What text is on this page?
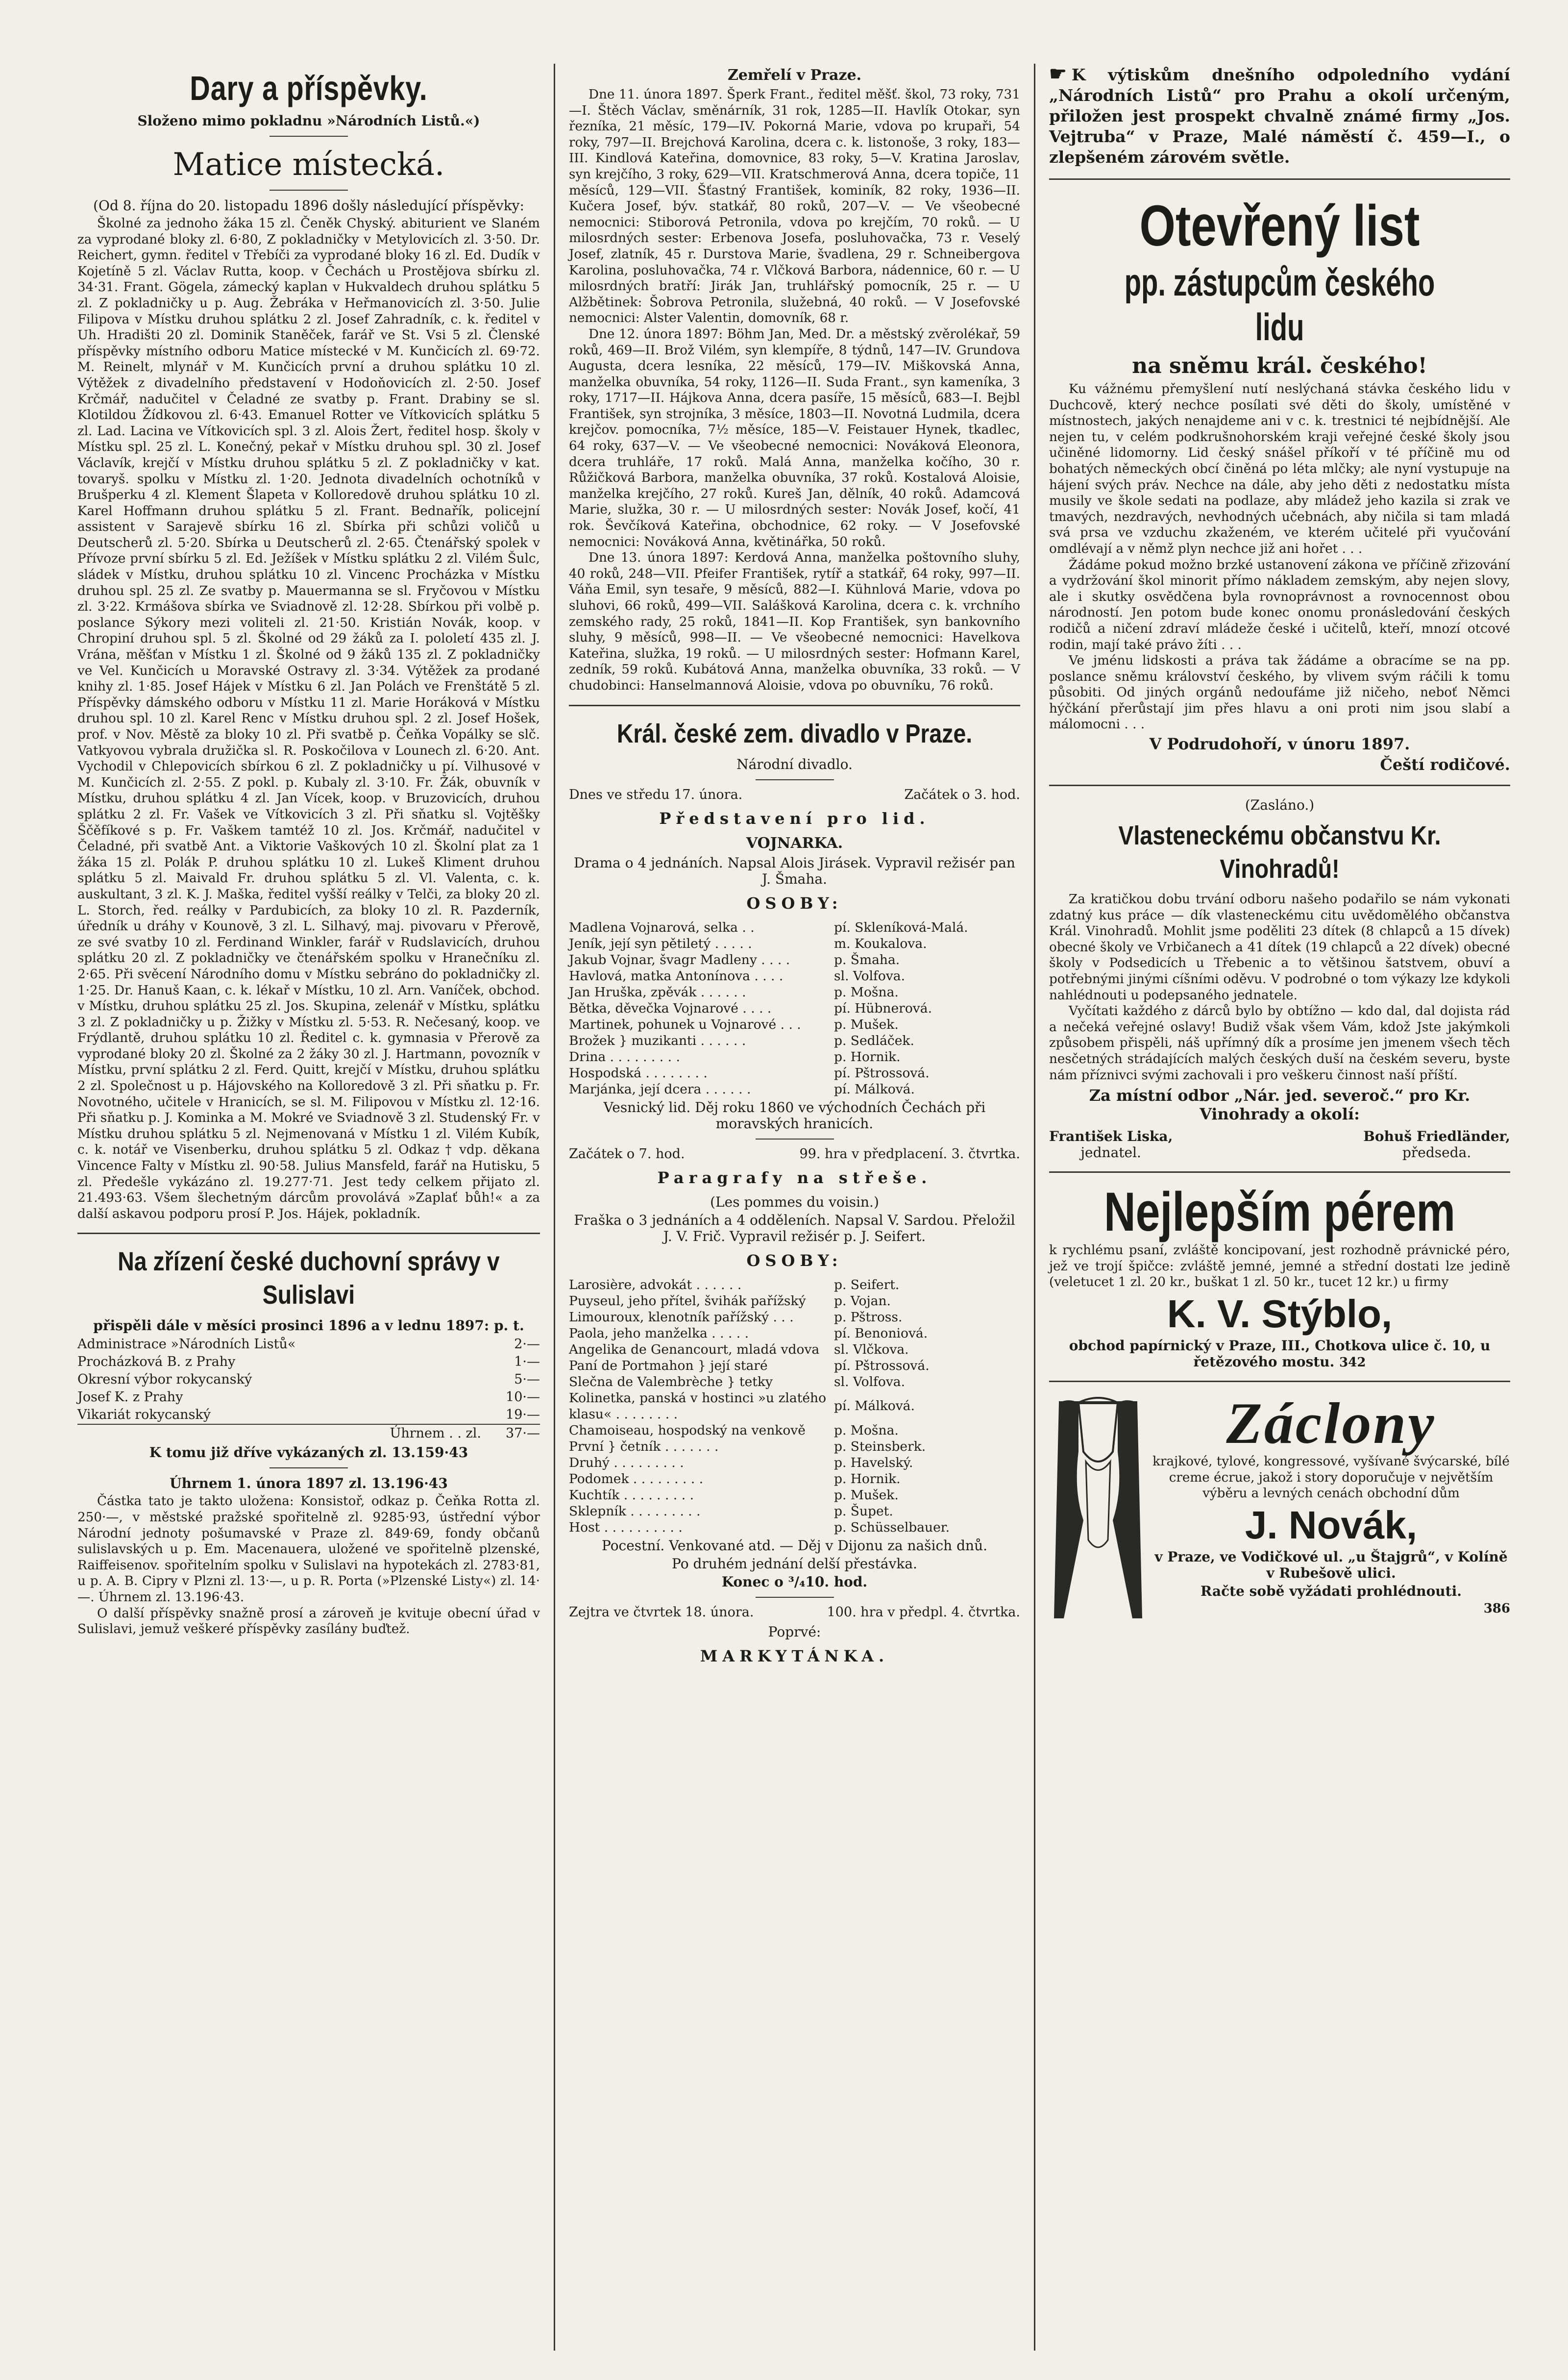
Dary a příspěvky.
Složeno mimo pokladnu »Národních Listů.«)
Matice místecká.
(Od 8. října do 20. listopadu 1896 došly následující příspěvky:

Školné za jednoho žáka 15 zl. Čeněk Chyský. abiturient ve Slaném za vyprodané bloky zl. 6·80, Z pokladničky v Metylovicích zl. 3·50. Dr. Reichert, gymn. ředitel v Třebíči za vyprodané bloky 16 zl. Ed. Dudík v Kojetíně 5 zl. Václav Rutta, koop. v Čechách u Prostějova sbírku zl. 34·31. Frant. Gögela, zámecký kaplan v Hukvaldech druhou splátku 5 zl. Z pokladničky u p. Aug. Žebráka v Heřmanovicích zl. 3·50. Julie Filipova v Místku druhou splátku 2 zl. Josef Zahradník, c. k. ředitel v Uh. Hradišti 20 zl. Dominik Staněček, farář ve St. Vsi 5 zl. Členské příspěvky místního odboru Matice místecké v M. Kunčicích zl. 69·72. M. Reinelt, mlynář v M. Kunčicích první a druhou splátku 10 zl. Výtěžek z divadelního představení v Hodoňovicích zl. 2·50. Josef Krčmář, nadučitel v Čeladné ze svatby p. Frant. Drabiny se sl. Klotildou Žídkovou zl. 6·43. Emanuel Rotter ve Vítkovicích splátku 5 zl. Lad. Lacina ve Vítkovicích spl. 3 zl. Alois Žert, ředitel hosp. školy v Místku spl. 25 zl. L. Konečný, pekař v Místku druhou spl. 30 zl. Josef Václavík, krejčí v Místku druhou splátku 5 zl. Z pokladničky v kat. tovaryš. spolku v Místku zl. 1·20. Jednota divadelních ochotníků v Brušperku 4 zl. Klement Šlapeta v Kolloredově druhou splátku 10 zl. Karel Hoffmann druhou splátku 5 zl. Frant. Bednařík, policejní assistent v Sarajevě sbírku 16 zl. Sbírka při schůzi voličů u Deutscherů zl. 5·20. Sbírka u Deutscherů zl. 2·65. Čtenářský spolek v Přívoze první sbírku 5 zl. Ed. Ježíšek v Místku splátku 2 zl. Vilém Šulc, sládek v Místku, druhou splátku 10 zl. Vincenc Procházka v Místku druhou spl. 25 zl. Ze svatby p. Mauermanna se sl. Fryčovou v Místku zl. 3·22. Krmášova sbírka ve Sviadnově zl. 12·28. Sbírkou při volbě p. poslance Sýkory mezi voliteli zl. 21·50. Kristián Novák, koop. v Chropiní druhou spl. 5 zl. Školné od 29 žáků za I. pololetí 435 zl. J. Vrána, měšťan v Místku 1 zl. Školné od 9 žáků 135 zl. Z pokladničky ve Vel. Kunčicích u Moravské Ostravy zl. 3·34. Výtěžek za prodané knihy zl. 1·85. Josef Hájek v Místku 6 zl. Jan Polách ve Frenštátě 5 zl. Příspěvky dámského odboru v Místku 11 zl. Marie Horáková v Místku druhou spl. 10 zl. Karel Renc v Místku druhou spl. 2 zl. Josef Hošek, prof. v Nov. Městě za bloky 10 zl. Při svatbě p. Čeňka Vopálky se slč. Vatkyovou vybrala družička sl. R. Poskočilova v Lounech zl. 6·20. Ant. Vychodil v Chlepovicích sbírkou 6 zl. Z pokladničky u pí. Vilhusové v M. Kunčicích zl. 2·55. Z pokl. p. Kubaly zl. 3·10. Fr. Žák, obuvník v Místku, druhou splátku 4 zl. Jan Vícek, koop. v Bruzovicích, druhou splátku 2 zl. Fr. Vašek ve Vítkovicích 3 zl. Při sňatku sl. Vojtěšky Ščěfíkové s p. Fr. Vaškem tamtéž 10 zl. Jos. Krčmář, nadučitel v Čeladné, při svatbě Ant. a Viktorie Vaškových 10 zl. Školní plat za 1 žáka 15 zl. Polák P. druhou splátku 10 zl. Lukeš Kliment druhou splátku 5 zl. Maivald Fr. druhou splátku 5 zl. Vl. Valenta, c. k. auskultant, 3 zl. K. J. Maška, ředitel vyšší reálky v Telči, za bloky 20 zl. L. Storch, řed. reálky v Pardubicích, za bloky 10 zl. R. Pazderník, úředník u dráhy v Kounově, 3 zl. L. Silhavý, maj. pivovaru v Přerově, ze své svatby 10 zl. Ferdinand Winkler, farář v Rudslavicích, druhou splátku 20 zl. Z pokladničky ve čtenářském spolku v Hranečníku zl. 2·65. Při svěcení Národního domu v Místku sebráno do pokladničky zl. 1·25. Dr. Hanuš Kaan, c. k. lékař v Místku, 10 zl. Arn. Vaníček, obchod. v Místku, druhou splátku 25 zl. Jos. Skupina, zelenář v Místku, splátku 3 zl. Z pokladničky u p. Žižky v Místku zl. 5·53. R. Nečesaný, koop. ve Frýdlantě, druhou splátku 10 zl. Ředitel c. k. gymnasia v Přerově za vyprodané bloky 20 zl. Školné za 2 žáky 30 zl. J. Hartmann, povozník v Místku, první splátku 2 zl. Ferd. Quitt, krejčí v Místku, druhou splátku 2 zl. Společnost u p. Hájovského na Kolloredově 3 zl. Při sňatku p. Fr. Novotného, učitele v Hranicích, se sl. M. Filipovou v Místku zl. 12·16. Při sňatku p. J. Kominka a M. Mokré ve Sviadnově 3 zl. Studenský Fr. v Místku druhou splátku 5 zl. Nejmenovaná v Místku 1 zl. Vilém Kubík, c. k. notář ve Visenberku, druhou splátku 5 zl. Odkaz † vdp. děkana Vincence Falty v Místku zl. 90·58. Julius Mansfeld, farář na Hutisku, 5 zl. Předešle vykázáno zl. 19.277·71. Jest tedy celkem přijato zl. 21.493·63. Všem šlechetným dárcům provolává »Zaplať bůh!« a za další askavou podporu prosí P. Jos. Hájek, pokladník.

Na zřízení české duchovní správy v Sulislavi
přispěli dále v měsíci prosinci 1896 a v lednu 1897: p. t.
Administrace »Národních Listů«	2·—
Procházková B. z Prahy	1·—
Okresní výbor rokycanský	5·—
Josef K. z Prahy	10·—
Vikariát rokycanský	19·—
Úhrnem . . zl.	37·—
K tomu již dříve vykázaných zl. 13.159·43
Úhrnem 1. února 1897 zl. 13.196·43

Částka tato je takto uložena: Konsistoř, odkaz p. Čeňka Rotta zl. 250·—, v městské pražské spořitelně zl. 9285·93, ústřední výbor Národní jednoty pošumavské v Praze zl. 849·69, fondy občanů sulislavských u p. Em. Macenauera, uložené ve spořitelně plzenské, Raiffeisenov. spořitelním spolku v Sulislavi na hypotekách zl. 2783·81, u p. A. B. Cipry v Plzni zl. 13·—, u p. R. Porta (»Plzenské Listy«) zl. 14·—. Úhrnem zl. 13.196·43.

O další příspěvky snažně prosí a zároveň je kvituje obecní úřad v Sulislavi, jemuž veškeré příspěvky zasílány buďtež.

Zemřelí v Praze.

Dne 11. února 1897. Šperk Frant., ředitel měšť. škol, 73 roky, 731—I. Štěch Václav, směnárník, 31 rok, 1285—II. Havlík Otokar, syn řezníka, 21 měsíc, 179—IV. Pokorná Marie, vdova po krupaři, 54 roky, 797—II. Brejchová Karolina, dcera c. k. listonoše, 3 roky, 183—III. Kindlová Kateřina, domovnice, 83 roky, 5—V. Kratina Jaroslav, syn krejčího, 3 roky, 629—VII. Kratschmerová Anna, dcera topiče, 11 měsíců, 129—VII. Šťastný František, kominík, 82 roky, 1936—II. Kučera Josef, býv. statkář, 80 roků, 207—V. — Ve všeobecné nemocnici: Stiborová Petronila, vdova po krejčím, 70 roků. — U milosrdných sester: Erbenova Josefa, posluhovačka, 73 r. Veselý Josef, zlatník, 45 r. Durstova Marie, švadlena, 29 r. Schneibergova Karolina, posluhovačka, 74 r. Vlčková Barbora, nádennice, 60 r. — U milosrdných bratří: Jirák Jan, truhlářský pomocník, 25 r. — U Alžbětinek: Šobrova Petronila, služebná, 40 roků. — V Josefovské nemocnici: Alster Valentin, domovník, 68 r.

Dne 12. února 1897: Böhm Jan, Med. Dr. a městský zvěrolékař, 59 roků, 469—II. Brož Vilém, syn klempíře, 8 týdnů, 147—IV. Grundova Augusta, dcera lesníka, 22 měsíců, 179—IV. Miškovská Anna, manželka obuvníka, 54 roky, 1126—II. Suda Frant., syn kameníka, 3 roky, 1717—II. Hájkova Anna, dcera pasíře, 15 měsíců, 683—I. Bejbl František, syn strojníka, 3 měsíce, 1803—II. Novotná Ludmila, dcera krejčov. pomocníka, 7½ měsíce, 185—V. Feistauer Hynek, tkadlec, 64 roky, 637—V. — Ve všeobecné nemocnici: Nováková Eleonora, dcera truhláře, 17 roků. Malá Anna, manželka kočího, 30 r. Růžičková Barbora, manželka obuvníka, 37 roků. Kostalová Aloisie, manželka krejčího, 27 roků. Kureš Jan, dělník, 40 roků. Adamcová Marie, služka, 30 r. — U milosrdných sester: Novák Josef, kočí, 41 rok. Ševčíková Kateřina, obchodnice, 62 roky. — V Josefovské nemocnici: Nováková Anna, květinářka, 50 roků.

Dne 13. února 1897: Kerdová Anna, manželka poštovního sluhy, 40 roků, 248—VII. Pfeifer František, rytíř a statkář, 64 roky, 997—II. Váňa Emil, syn tesaře, 9 měsíců, 882—I. Kühnlová Marie, vdova po sluhovi, 66 roků, 499—VII. Salášková Karolina, dcera c. k. vrchního zemského rady, 25 roků, 1841—II. Kop František, syn bankovního sluhy, 9 měsíců, 998—II. — Ve všeobecné nemocnici: Havelkova Kateřina, služka, 19 roků. — U milosrdných sester: Hofmann Karel, zedník, 59 roků. Kubátová Anna, manželka obuvníka, 33 roků. — V chudobinci: Hanselmannová Aloisie, vdova po obuvníku, 76 roků.

Král. české zem. divadlo v Praze.
Národní divadlo.
Dnes ve středu 17. února.	Začátek o 3. hod.
Představení pro lid.
VOJNARKA.
Drama o 4 jednáních. Napsal Alois Jirásek. Vypravil režisér pan J. Šmaha.
OSOBY:
Madlena Vojnarová, selka . .	pí. Skleníková-Malá.
Jeník, její syn pětiletý . . . . .	m. Koukalova.
Jakub Vojnar, švagr Madleny . . . .	p. Šmaha.
Havlová, matka Antonínova . . . .	sl. Volfova.
Jan Hruška, zpěvák . . . . . .	p. Mošna.
Bětka, děvečka Vojnarové . . . .	pí. Hübnerová.
Martinek, pohunek u Vojnarové . . .	p. Mušek.
Brožek } muzikanti . . . . . .	p. Sedláček.
Drina . . . . . . . . .	p. Hornik.
Hospodská . . . . . . . .	pí. Pštrossová.
Marjánka, její dcera . . . . . .	pí. Málková.
Vesnický lid. Děj roku 1860 ve východních Čechách při moravských hranicích.
Začátek o 7. hod.	99. hra v předplacení. 3. čtvrtka.
Paragrafy na střeše.
(Les pommes du voisin.)
Fraška o 3 jednáních a 4 odděleních. Napsal V. Sardou. Přeložil J. V. Frič. Vypravil režisér p. J. Seifert.
OSOBY:
Larosière, advokát . . . . . .	p. Seifert.
Puyseul, jeho přítel, švihák pařížský	p. Vojan.
Limouroux, klenotník pařížský . . .	p. Pštross.
Paola, jeho manželka . . . . .	pí. Benoniová.
Angelika de Genancourt, mladá vdova	sl. Vlčkova.
Paní de Portmahon } její staré	pí. Pštrossová.
Slečna de Valembrèche } tetky	sl. Volfova.
Kolinetka, panská v hostinci »u zlatého klasu« . . . . . . . .	pí. Málková.
Chamoiseau, hospodský na venkově	p. Mošna.
První } četník . . . . . . .	p. Steinsberk.
Druhý . . . . . . . . .	p. Havelský.
Podomek . . . . . . . . .	p. Hornik.
Kuchtík . . . . . . . . .	p. Mušek.
Sklepník . . . . . . . . .	p. Šupet.
Host . . . . . . . . . .	p. Schüsselbauer.
Pocestní. Venkované atd. — Děj v Dijonu za našich dnů.
Po druhém jednání delší přestávka.
Konec o ³/₄10. hod.
Zejtra ve čtvrtek 18. února.	100. hra v předpl. 4. čtvrtka.
Poprvé:
MARKYTÁNKA.

☛ K výtiskům dnešního odpoledního vydání „Národních Listů“ pro Prahu a okolí určeným, přiložen jest prospekt chvalně známé firmy „Jos. Vejtruba“ v Praze, Malé náměstí č. 459—I., o zlepšeném zárovém světle.

Otevřený list
pp. zástupcům českého lidu
na sněmu král. českého!

Ku vážnému přemyšlení nutí neslýchaná stávka českého lidu v Duchcově, který nechce posílati své děti do školy, umístěné v místnostech, jakých nenajdeme ani v c. k. trestnici té nejbídnější. Ale nejen tu, v celém podkrušnohorském kraji veřejné české školy jsou učiněné lidomorny. Lid český snášel příkoří v té příčině mu od bohatých německých obcí činěná po léta mlčky; ale nyní vystupuje na hájení svých práv. Nechce na dále, aby jeho děti z nedostatku místa musily ve škole sedati na podlaze, aby mládež jeho kazila si zrak ve tmavých, nezdravých, nevhodných učebnách, aby ničila si tam mladá svá prsa ve vzduchu zkaženém, ve kterém učitelé při vyučování omdlévají a v němž plyn nechce již ani hořet . . .

Žádáme pokud možno brzké ustanovení zákona ve příčině zřizování a vydržování škol minorit přímo nákladem zemským, aby nejen slovy, ale i skutky osvědčena byla rovnoprávnost a rovnocennost obou národností. Jen potom bude konec onomu pronásledování českých rodičů a ničení zdraví mládeže české i učitelů, kteří, mnozí otcové rodin, mají také právo žíti . . .

Ve jménu lidskosti a práva tak žádáme a obracíme se na pp. poslance sněmu království českého, by vlivem svým ráčili k tomu působiti. Od jiných orgánů nedoufáme již ničeho, neboť Němci hýčkání přerůstají jim přes hlavu a oni proti nim jsou slabí a málomocni . . .

V Podrudohoří, v únoru 1897.
Čeští rodičové.
(Zasláno.)
Vlasteneckému občanstvu Kr. Vinohradů!

Za kratičkou dobu trvání odboru našeho podařilo se nám vykonati zdatný kus práce — dík vlasteneckému citu uvědomělého občanstva Král. Vinohradů. Mohlit jsme poděliti 23 dítek (8 chlapců a 15 dívek) obecné školy ve Vrbičanech a 41 dítek (19 chlapců a 22 dívek) obecné školy v Podsedicích u Třebenic a to většinou šatstvem, obuví a potřebnými jinými cíšními oděvu. V podrobné o tom výkazy lze kdykoli nahlédnouti u podepsaného jednatele.

Vyčítati každého z dárců bylo by obtížno — kdo dal, dal dojista rád a nečeká veřejné oslavy! Budiž však všem Vám, kdož Jste jakýmkoli způsobem přispěli, náš upřímný dík a prosíme jen jmenem všech těch nesčetných strádajících malých českých duší na českém severu, byste nám příznivci svými zachovali i pro veškeru činnost naší příští.

Za místní odbor „Nár. jed. severoč.“ pro Kr. Vinohrady a okolí:
František Liska,
jednatel.
Bohuš Friedländer,
předseda.
Nejlepším pérem

k rychlému psaní, zvláště koncipovaní, jest rozhodně právnické péro, jež ve trojí špičce: zvláště jemné, jemné a střední dostati lze jedině (veletucet 1 zl. 20 kr., buškat 1 zl. 50 kr., tucet 12 kr.) u firmy

K. V. Stýblo,
obchod papírnický v Praze, III., Chotkova ulice č. 10, u řetězového mostu. 342
Záclony

krajkové, tylové, kongressové, vyšívané švýcarské, bílé creme écrue, jakož i story doporučuje v největším výběru a levných cenách obchodní dům

J. Novák,
v Praze, ve Vodičkové ul. „u Štajgrů“, v Kolíně v Rubešově ulici.
Račte sobě vyžádati prohlédnouti.
386
